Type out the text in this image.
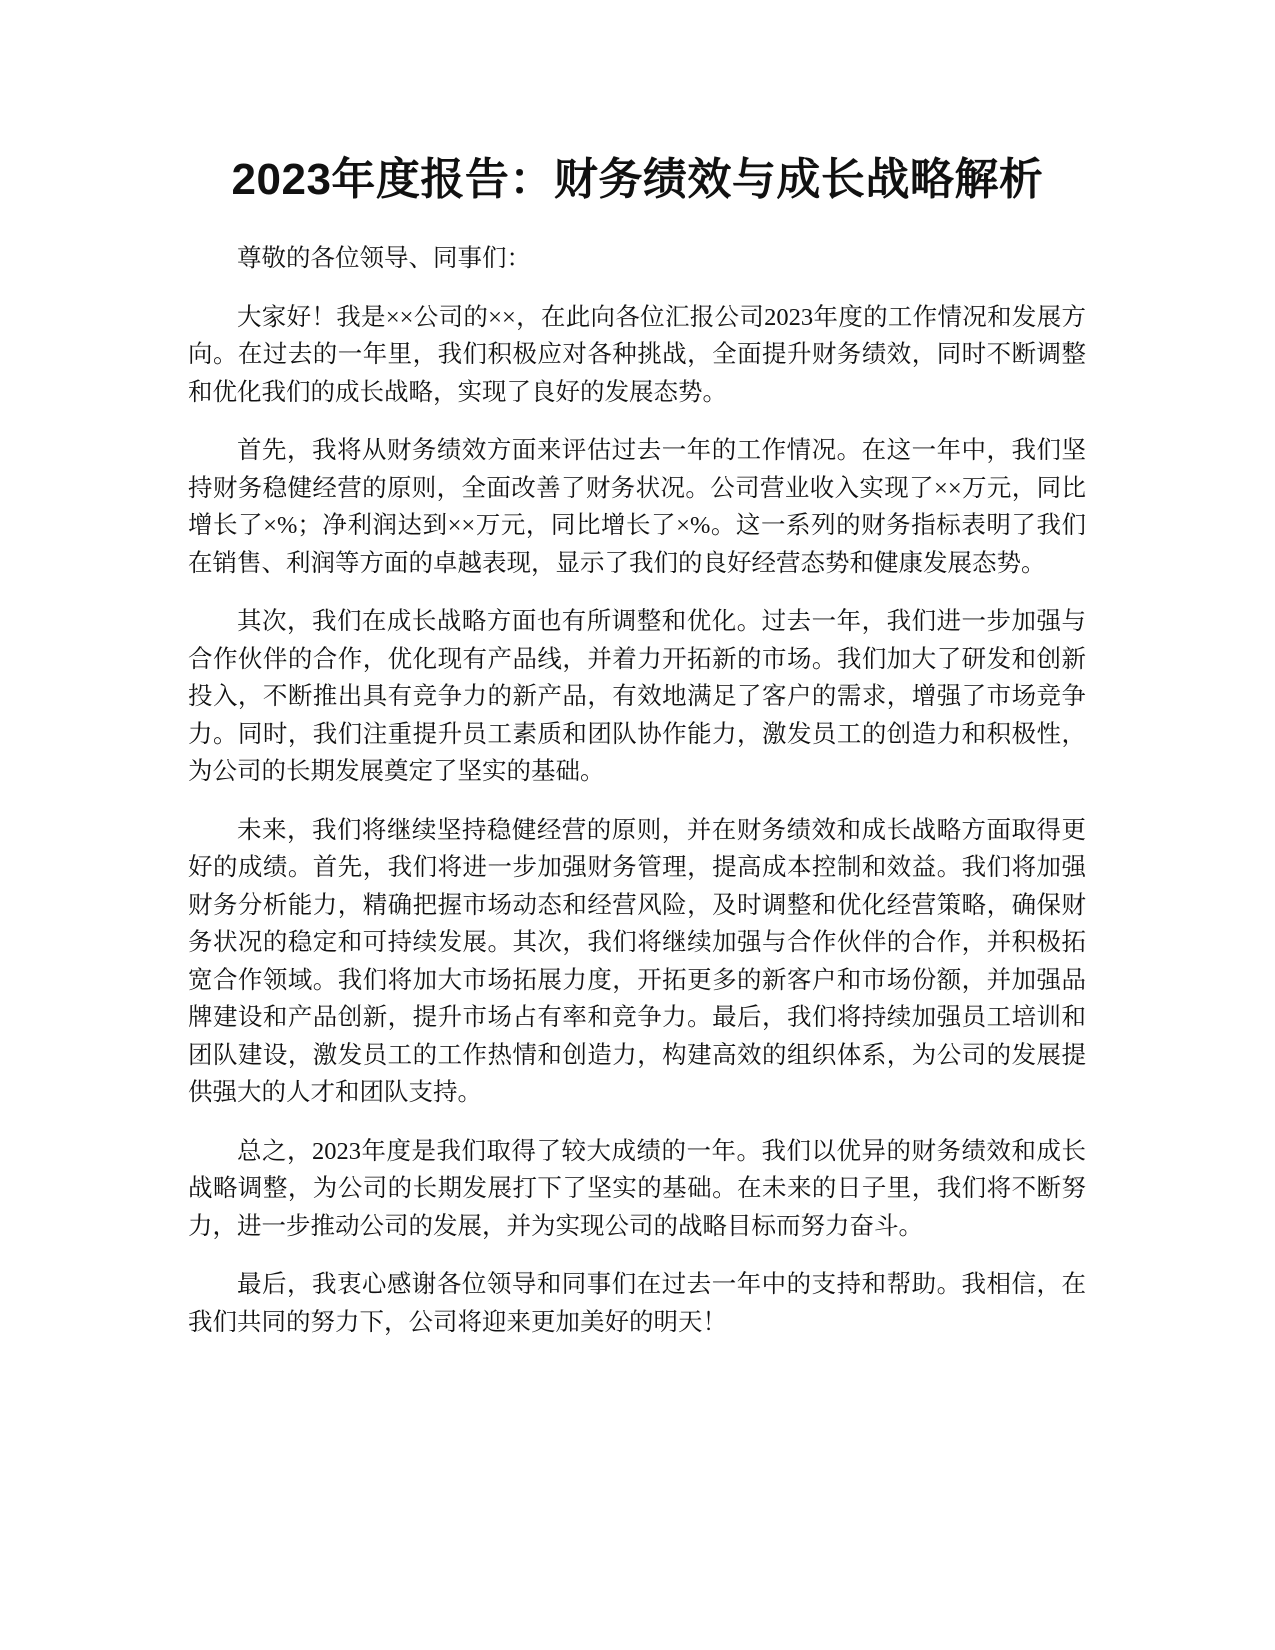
2023年度报告：财务绩效与成长战略解析

尊敬的各位领导、同事们：

大家好！我是××公司的××，在此向各位汇报公司2023年度的工作情况和发展方向。在过去的一年里，我们积极应对各种挑战，全面提升财务绩效，同时不断调整和优化我们的成长战略，实现了良好的发展态势。

首先，我将从财务绩效方面来评估过去一年的工作情况。在这一年中，我们坚持财务稳健经营的原则，全面改善了财务状况。公司营业收入实现了××万元，同比增长了×%；净利润达到××万元，同比增长了×%。这一系列的财务指标表明了我们在销售、利润等方面的卓越表现，显示了我们的良好经营态势和健康发展态势。

其次，我们在成长战略方面也有所调整和优化。过去一年，我们进一步加强与合作伙伴的合作，优化现有产品线，并着力开拓新的市场。我们加大了研发和创新投入，不断推出具有竞争力的新产品，有效地满足了客户的需求，增强了市场竞争力。同时，我们注重提升员工素质和团队协作能力，激发员工的创造力和积极性，为公司的长期发展奠定了坚实的基础。

未来，我们将继续坚持稳健经营的原则，并在财务绩效和成长战略方面取得更好的成绩。首先，我们将进一步加强财务管理，提高成本控制和效益。我们将加强财务分析能力，精确把握市场动态和经营风险，及时调整和优化经营策略，确保财务状况的稳定和可持续发展。其次，我们将继续加强与合作伙伴的合作，并积极拓宽合作领域。我们将加大市场拓展力度，开拓更多的新客户和市场份额，并加强品牌建设和产品创新，提升市场占有率和竞争力。最后，我们将持续加强员工培训和团队建设，激发员工的工作热情和创造力，构建高效的组织体系，为公司的发展提供强大的人才和团队支持。

总之，2023年度是我们取得了较大成绩的一年。我们以优异的财务绩效和成长战略调整，为公司的长期发展打下了坚实的基础。在未来的日子里，我们将不断努力，进一步推动公司的发展，并为实现公司的战略目标而努力奋斗。

最后，我衷心感谢各位领导和同事们在过去一年中的支持和帮助。我相信，在我们共同的努力下，公司将迎来更加美好的明天！
